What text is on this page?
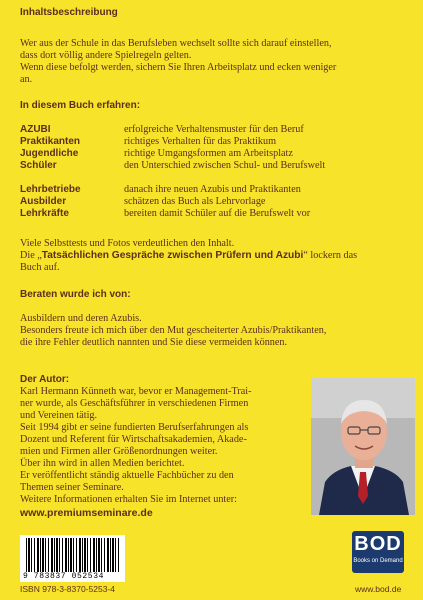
Inhaltsbeschreibung

Wer aus der Schule in das Berufsleben wechselt sollte sich darauf einstellen,

dass dort völlig andere Spielregeln gelten.

Wenn diese befolgt werden, sichern Sie Ihren Arbeitsplatz und ecken weniger

an.

In diesem Buch erfahren:

AZUBI	erfolgreiche Verhaltensmuster für den Beruf
Praktikanten	richtiges Verhalten für das Praktikum
Jugendliche	richtige Umgangsformen am Arbeitsplatz
Schüler	den Unterschied zwischen Schul- und Berufswelt
Lehrbetriebe	danach ihre neuen Azubis und Praktikanten
Ausbilder	schätzen das Buch als Lehrvorlage
Lehrkräfte	bereiten damit Schüler auf die Berufswelt vor

Viele Selbsttests und Fotos verdeutlichen den Inhalt.

Die „Tatsächlichen Gespräche zwischen Prüfern und Azubi“ lockern das

Buch auf.

Beraten wurde ich von:

Ausbildern und deren Azubis.

Besonders freute ich mich über den Mut gescheiterter Azubis/Praktikanten,

die ihre Fehler deutlich nannten und Sie diese vermeiden können.

Der Autor:

Karl Hermann Künneth war, bevor er Management-Trai-

ner wurde, als Geschäftsführer in verschiedenen Firmen

und Vereinen tätig.

Seit 1994 gibt er seine fundierten Berufserfahrungen als

Dozent und Referent für Wirtschaftsakademien, Akade-

mien und Firmen aller Größenordnungen weiter.

Über ihn wird in allen Medien berichtet.

Er veröffentlicht ständig aktuelle Fachbücher zu den

Themen seiner Seminare.

Weitere Informationen erhalten Sie im Internet unter:

www.premiumseminare.de

9 783837 052534

ISBN 978-3-8370-5253-4

BOD
Books on Demand

www.bod.de
